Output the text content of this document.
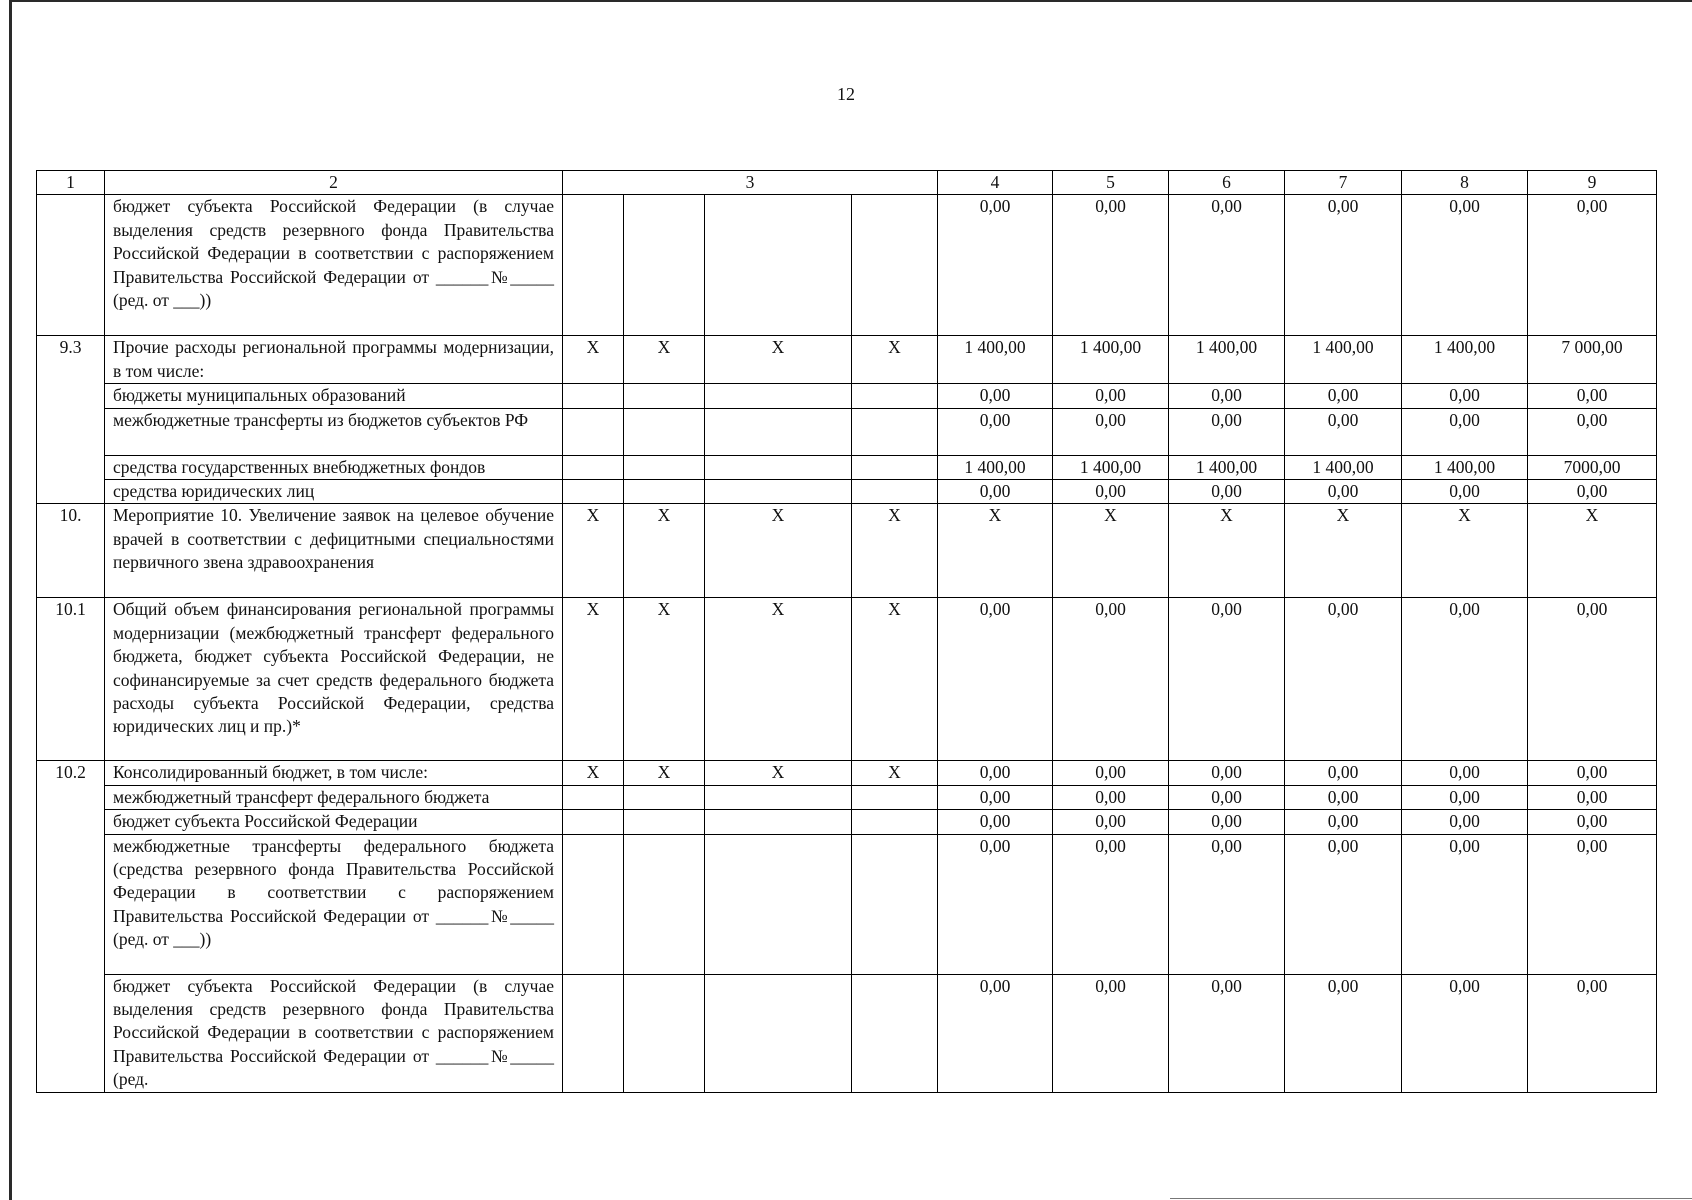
12
1	2	3				4	5	6	7	8	9
	бюджет субъекта Российской Федерации (в случае выделения средств резервного фонда Правительства Российской Федерации в соответствии с распоряжением Правительства Российской Федерации от ______№_____ (ред. от ___))					0,00	0,00	0,00	0,00	0,00	0,00
9.3	Прочие расходы региональной программы модернизации, в том числе:	X	X	X	X	1 400,00	1 400,00	1 400,00	1 400,00	1 400,00	7 000,00
	бюджеты муниципальных образований					0,00	0,00	0,00	0,00	0,00	0,00
	межбюджетные трансферты из бюджетов субъектов РФ					0,00	0,00	0,00	0,00	0,00	0,00
	средства государственных внебюджетных фондов					1 400,00	1 400,00	1 400,00	1 400,00	1 400,00	7000,00
	средства юридических лиц					0,00	0,00	0,00	0,00	0,00	0,00
10.	Мероприятие 10. Увеличение заявок на целевое обучение врачей в соответствии с дефицитными специальностями первичного звена здравоохранения	X	X	X	X	X	X	X	X	X	X
10.1	Общий объем финансирования региональной программы модернизации (межбюджетный трансферт федерального бюджета, бюджет субъекта Российской Федерации, не софинансируемые за счет средств федерального бюджета расходы субъекта Российской Федерации, средства юридических лиц и пр.)*	X	X	X	X	0,00	0,00	0,00	0,00	0,00	0,00
10.2	Консолидированный бюджет, в том числе:	X	X	X	X	0,00	0,00	0,00	0,00	0,00	0,00
	межбюджетный трансферт федерального бюджета					0,00	0,00	0,00	0,00	0,00	0,00
	бюджет субъекта Российской Федерации					0,00	0,00	0,00	0,00	0,00	0,00
	межбюджетные трансферты федерального бюджета (средства резервного фонда Правительства Российской Федерации в соответствии с распоряжением Правительства Российской Федерации от ______№_____ (ред. от ___))					0,00	0,00	0,00	0,00	0,00	0,00
	бюджет субъекта Российской Федерации (в случае выделения средств резервного фонда Правительства Российской Федерации в соответствии с распоряжением Правительства Российской Федерации от ______№_____ (ред.					0,00	0,00	0,00	0,00	0,00	0,00
